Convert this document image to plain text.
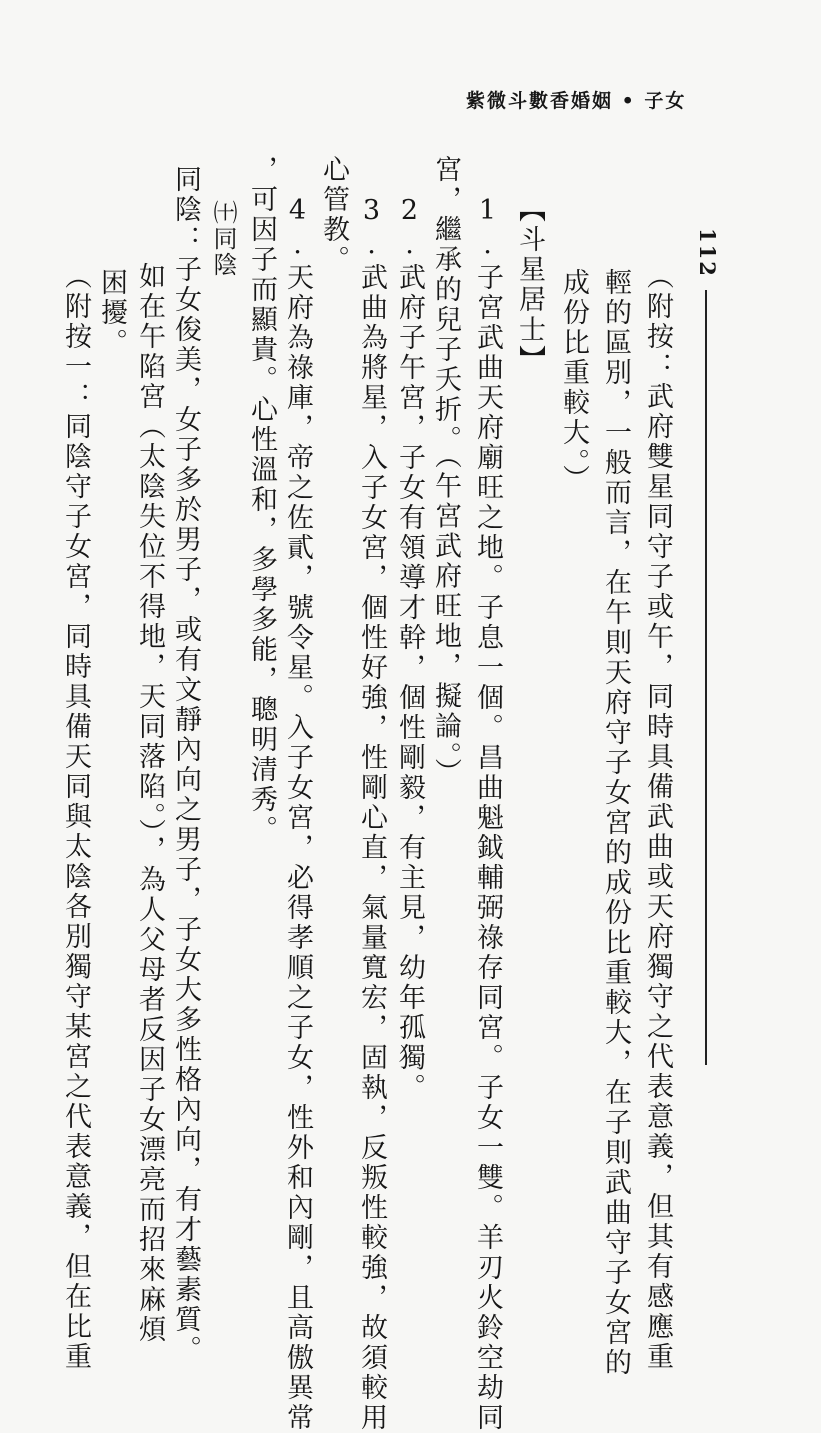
紫微斗數香婚姻 • 子女
112
（附按：武府雙星同守子或午，同時具備武曲或天府獨守之代表意義，但其有感應重
輕的區別，一般而言，在午則天府守子女宮的成份比重較大，在子則武曲守子女宮的
成份比重較大。）
【斗星居士】
1.子宮武曲天府廟旺之地。子息一個。昌曲魁鉞輔弼祿存同宮。子女一雙。羊刃火鈴空劫同
宮，繼承的兒子夭折。（午宮武府旺地，擬論。）
2.武府子午宮，子女有領導才幹，個性剛毅，有主見，幼年孤獨。
3.武曲為將星，入子女宮，個性好強，性剛心直，氣量寬宏，固執，反叛性較強，故須較用
心管教。
4.天府為祿庫，帝之佐貳，號令星。入子女宮，必得孝順之子女，性外和內剛，且高傲異常
，可因子而顯貴。心性溫和，多學多能，聰明清秀。
㈩同陰
同陰：子女俊美，女子多於男子，或有文靜內向之男子，子女大多性格內向，有才藝素質。
如在午陷宮（太陰失位不得地，天同落陷。），為人父母者反因子女漂亮而招來麻煩
困擾。
（附按一：同陰守子女宮，同時具備天同與太陰各別獨守某宮之代表意義，但在比重
